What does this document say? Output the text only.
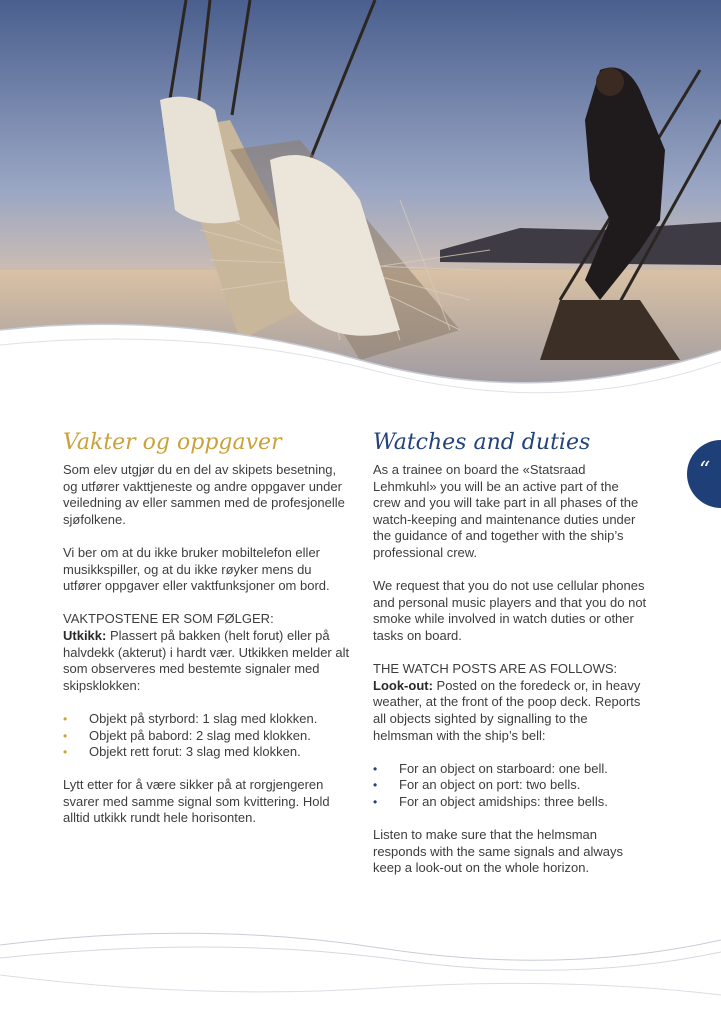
Vakter og oppgaver

Som elev utgjør du en del av skipets besetning, og utfører vakttjeneste og andre oppgaver under veiledning av eller sammen med de profesjonelle sjøfolkene.

Vi ber om at du ikke bruker mobiltelefon eller musikkspiller, og at du ikke røyker mens du utfører oppgaver eller vaktfunksjoner om bord.

VAKTPOSTENE ER SOM FØLGER:
Utkikk: Plassert på bakken (helt forut) eller på halvdekk (akterut) i hardt vær. Utkikken melder alt som observeres med bestemte signaler med skipsklokken:

• Objekt på styrbord: 1 slag med klokken.
• Objekt på babord: 2 slag med klokken.
• Objekt rett forut: 3 slag med klokken.

Lytt etter for å være sikker på at rorgjengeren svarer med samme signal som kvittering. Hold alltid utkikk rundt hele horisonten.

Watches and duties

As a trainee on board the «Statsraad Lehmkuhl» you will be an active part of the crew and you will take part in all phases of the watch-keeping and maintenance duties under the guidance of and together with the ship’s professional crew.

We request that you do not use cellular phones and personal music players and that you do not smoke while involved in watch duties or other tasks on board.

THE WATCH POSTS ARE AS FOLLOWS:
Look-out: Posted on the foredeck or, in heavy weather, at the front of the poop deck. Reports all objects sighted by signalling to the helmsman with the ship’s bell:

• For an object on starboard: one bell.
• For an object on port: two bells.
• For an object amidships: three bells.

Listen to make sure that the helmsman responds with the same signals and always keep a look-out on the whole horizon.

“
